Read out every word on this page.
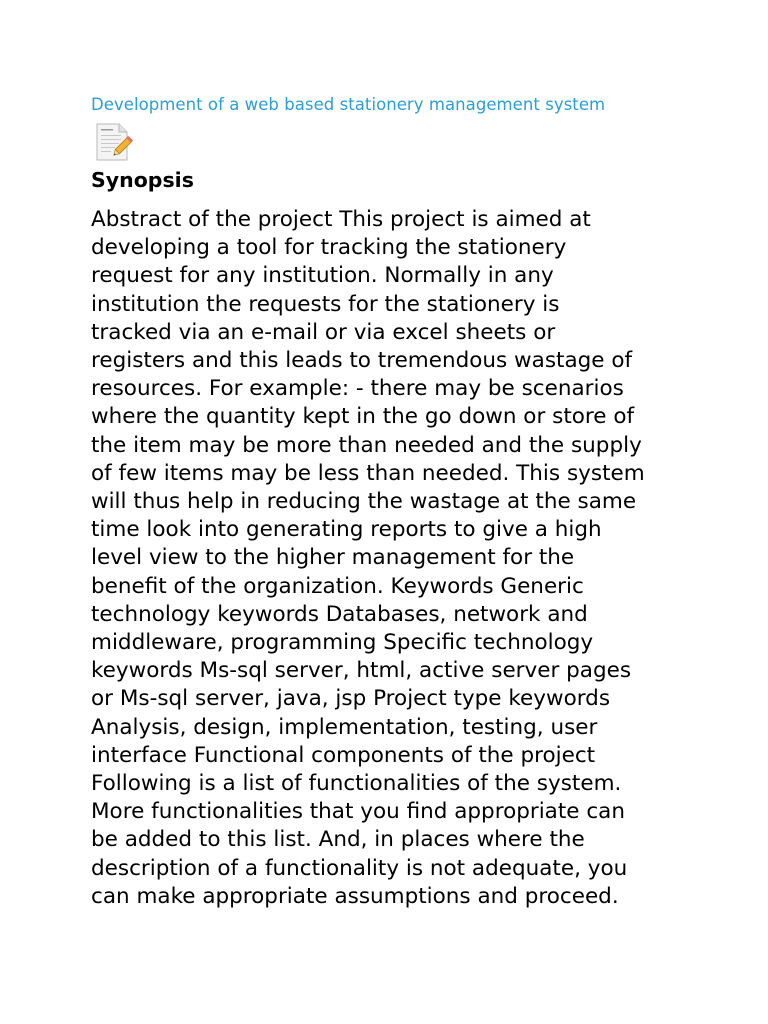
Development of a web based stationery management system
Synopsis

Abstract of the project This project is aimed at
developing a tool for tracking the stationery
request for any institution. Normally in any
institution the requests for the stationery is
tracked via an e-mail or via excel sheets or
registers and this leads to tremendous wastage of
resources. For example: - there may be scenarios
where the quantity kept in the go down or store of
the item may be more than needed and the supply
of few items may be less than needed. This system
will thus help in reducing the wastage at the same
time look into generating reports to give a high
level view to the higher management for the
benefit of the organization. Keywords Generic
technology keywords Databases, network and
middleware, programming Specific technology
keywords Ms-sql server, html, active server pages
or Ms-sql server, java, jsp Project type keywords
Analysis, design, implementation, testing, user
interface Functional components of the project
Following is a list of functionalities of the system.
More functionalities that you find appropriate can
be added to this list. And, in places where the
description of a functionality is not adequate, you
can make appropriate assumptions and proceed.
